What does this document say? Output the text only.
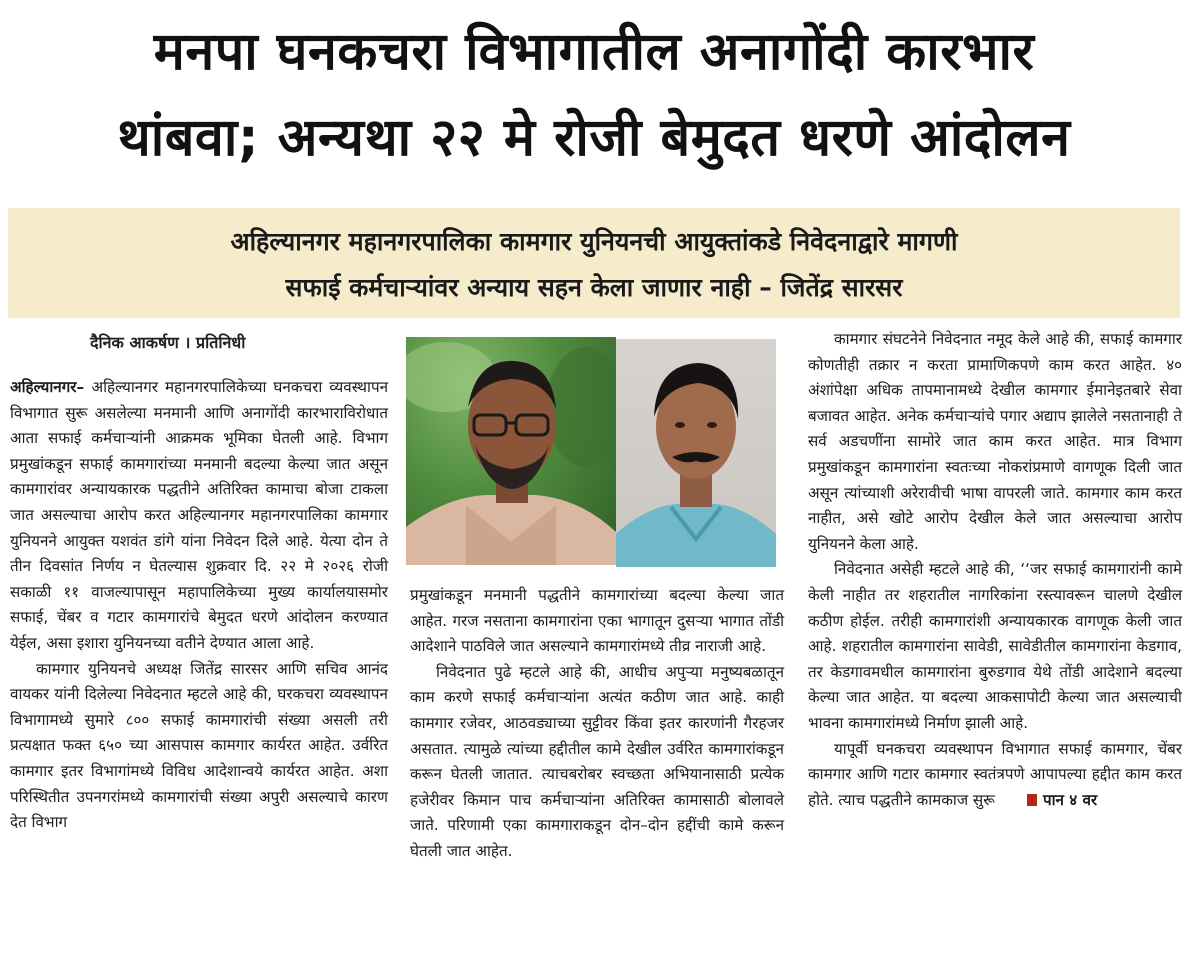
मनपा घनकचरा विभागातील अनागोंदी कारभार
थांबवा; अन्यथा २२ मे रोजी बेमुदत धरणे आंदोलन
अहिल्यानगर महानगरपालिका कामगार युनियनची आयुक्तांकडे निवेदनाद्वारे मागणी
सफाई कर्मचाऱ्यांवर अन्याय सहन केला जाणार नाही – जितेंद्र सारसर
दैनिक आकर्षण । प्रतिनिधी

अहिल्यानगर– अहिल्यानगर महानगरपालिकेच्या घनकचरा व्यवस्थापन विभागात सुरू असलेल्या मनमानी आणि अनागोंदी कारभाराविरोधात आता सफाई कर्मचाऱ्यांनी आक्रमक भूमिका घेतली आहे. विभाग प्रमुखांकडून सफाई कामगारांच्या मनमानी बदल्या केल्या जात असून कामगारांवर अन्यायकारक पद्धतीने अतिरिक्त कामाचा बोजा टाकला जात असल्याचा आरोप करत अहिल्यानगर महानगरपालिका कामगार युनियनने आयुक्त यशवंत डांगे यांना निवेदन दिले आहे. येत्या दोन ते तीन दिवसांत निर्णय न घेतल्यास शुक्रवार दि. २२ मे २०२६ रोजी सकाळी ११ वाजल्यापासून महापालिकेच्या मुख्य कार्यालयासमोर सफाई, चेंबर व गटार कामगारांचे बेमुदत धरणे आंदोलन करण्यात येईल, असा इशारा युनियनच्या वतीने देण्यात आला आहे.

कामगार युनियनचे अध्यक्ष जितेंद्र सारसर आणि सचिव आनंद वायकर यांनी दिलेल्या निवेदनात म्हटले आहे की, घरकचरा व्यवस्थापन विभागामध्ये सुमारे ८०० सफाई कामगारांची संख्या असली तरी प्रत्यक्षात फक्त ६५० च्या आसपास कामगार कार्यरत आहेत. उर्वरित कामगार इतर विभागांमध्ये विविध आदेशान्वये कार्यरत आहेत. अशा परिस्थितीत उपनगरांमध्ये कामगारांची संख्या अपुरी असल्याचे कारण देत विभाग

प्रमुखांकडून मनमानी पद्धतीने कामगारांच्या बदल्या केल्या जात आहेत. गरज नसताना कामगारांना एका भागातून दुसऱ्या भागात तोंडी आदेशाने पाठविले जात असल्याने कामगारांमध्ये तीव्र नाराजी आहे.

निवेदनात पुढे म्हटले आहे की, आधीच अपुऱ्या मनुष्यबळातून काम करणे सफाई कर्मचाऱ्यांना अत्यंत कठीण जात आहे. काही कामगार रजेवर, आठवड्याच्या सुट्टीवर किंवा इतर कारणांनी गैरहजर असतात. त्यामुळे त्यांच्या हद्दीतील कामे देखील उर्वरित कामगारांकडून करून घेतली जातात. त्याचबरोबर स्वच्छता अभियानासाठी प्रत्येक हजेरीवर किमान पाच कर्मचाऱ्यांना अतिरिक्त कामासाठी बोलावले जाते. परिणामी एका कामगाराकडून दोन–दोन हद्दींची कामे करून घेतली जात आहेत.

कामगार संघटनेने निवेदनात नमूद केले आहे की, सफाई कामगार कोणतीही तक्रार न करता प्रामाणिकपणे काम करत आहेत. ४० अंशांपेक्षा अधिक तापमानामध्ये देखील कामगार ईमानेइतबारे सेवा बजावत आहेत. अनेक कर्मचाऱ्यांचे पगार अद्याप झालेले नसतानाही ते सर्व अडचणींना सामोरे जात काम करत आहेत. मात्र विभाग प्रमुखांकडून कामगारांना स्वतःच्या नोकरांप्रमाणे वागणूक दिली जात असून त्यांच्याशी अरेरावीची भाषा वापरली जाते. कामगार काम करत नाहीत, असे खोटे आरोप देखील केले जात असल्याचा आरोप युनियनने केला आहे.

निवेदनात असेही म्हटले आहे की, ‘‘जर सफाई कामगारांनी कामे केली नाहीत तर शहरातील नागरिकांना रस्त्यावरून चालणे देखील कठीण होईल. तरीही कामगारांशी अन्यायकारक वागणूक केली जात आहे. शहरातील कामगारांना सावेडी, सावेडीतील कामगारांना केडगाव, तर केडगावमधील कामगारांना बुरुडगाव येथे तोंडी आदेशाने बदल्या केल्या जात आहेत. या बदल्या आकसापोटी केल्या जात असल्याची भावना कामगारांमध्ये निर्माण झाली आहे.

यापूर्वी घनकचरा व्यवस्थापन विभागात सफाई कामगार, चेंबर कामगार आणि गटार कामगार स्वतंत्रपणे आपापल्या हद्दीत काम करत होते. त्याच पद्धतीने कामकाज सुरू	पान ४ वर
